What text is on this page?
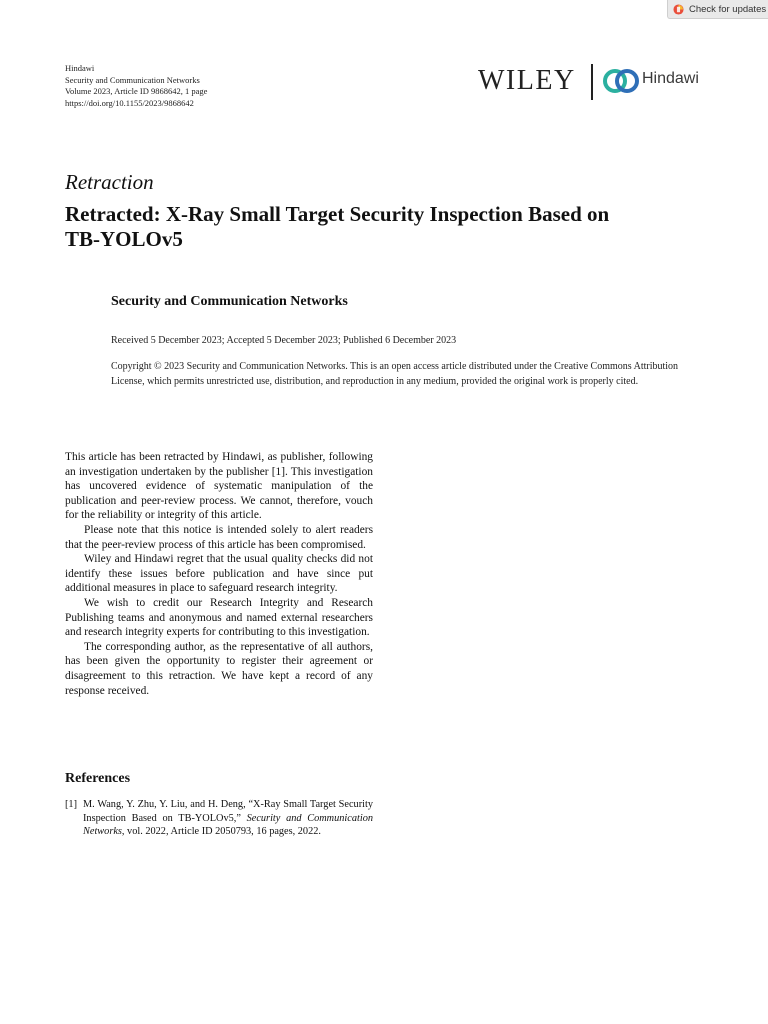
Check for updates
Hindawi
Security and Communication Networks
Volume 2023, Article ID 9868642, 1 page
https://doi.org/10.1155/2023/9868642
WILEY	Hindawi
Retraction
Retracted: X-Ray Small Target Security Inspection Based on TB-YOLOv5
Security and Communication Networks
Received 5 December 2023; Accepted 5 December 2023; Published 6 December 2023
Copyright © 2023 Security and Communication Networks. This is an open access article distributed under the Creative Commons Attribution License, which permits unrestricted use, distribution, and reproduction in any medium, provided the original work is properly cited.

This article has been retracted by Hindawi, as publisher, following an investigation undertaken by the publisher [1]. This investigation has uncovered evidence of systematic manipulation of the publication and peer-review process. We cannot, therefore, vouch for the reliability or integrity of this article.

Please note that this notice is intended solely to alert readers that the peer-review process of this article has been compromised.

Wiley and Hindawi regret that the usual quality checks did not identify these issues before publication and have since put additional measures in place to safeguard research integrity.

We wish to credit our Research Integrity and Research Publishing teams and anonymous and named external researchers and research integrity experts for contributing to this investigation.

The corresponding author, as the representative of all authors, has been given the opportunity to register their agreement or disagreement to this retraction. We have kept a record of any response received.

References
[1] M. Wang, Y. Zhu, Y. Liu, and H. Deng, “X-Ray Small Target Security Inspection Based on TB-YOLOv5,” Security and Communication Networks, vol. 2022, Article ID 2050793, 16 pages, 2022.
